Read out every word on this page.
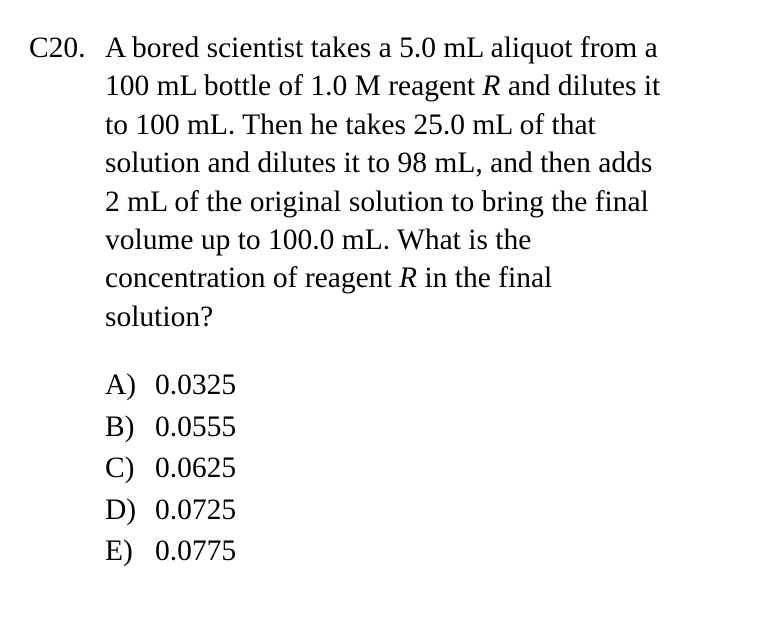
C20. A bored scientist takes a 5.0 mL aliquot from a
100 mL bottle of 1.0 M reagent R and dilutes it
to 100 mL. Then he takes 25.0 mL of that
solution and dilutes it to 98 mL, and then adds
2 mL of the original solution to bring the final
volume up to 100.0 mL. What is the
concentration of reagent R in the final
solution?
A) 0.0325
B) 0.0555
C) 0.0625
D) 0.0725
E) 0.0775
